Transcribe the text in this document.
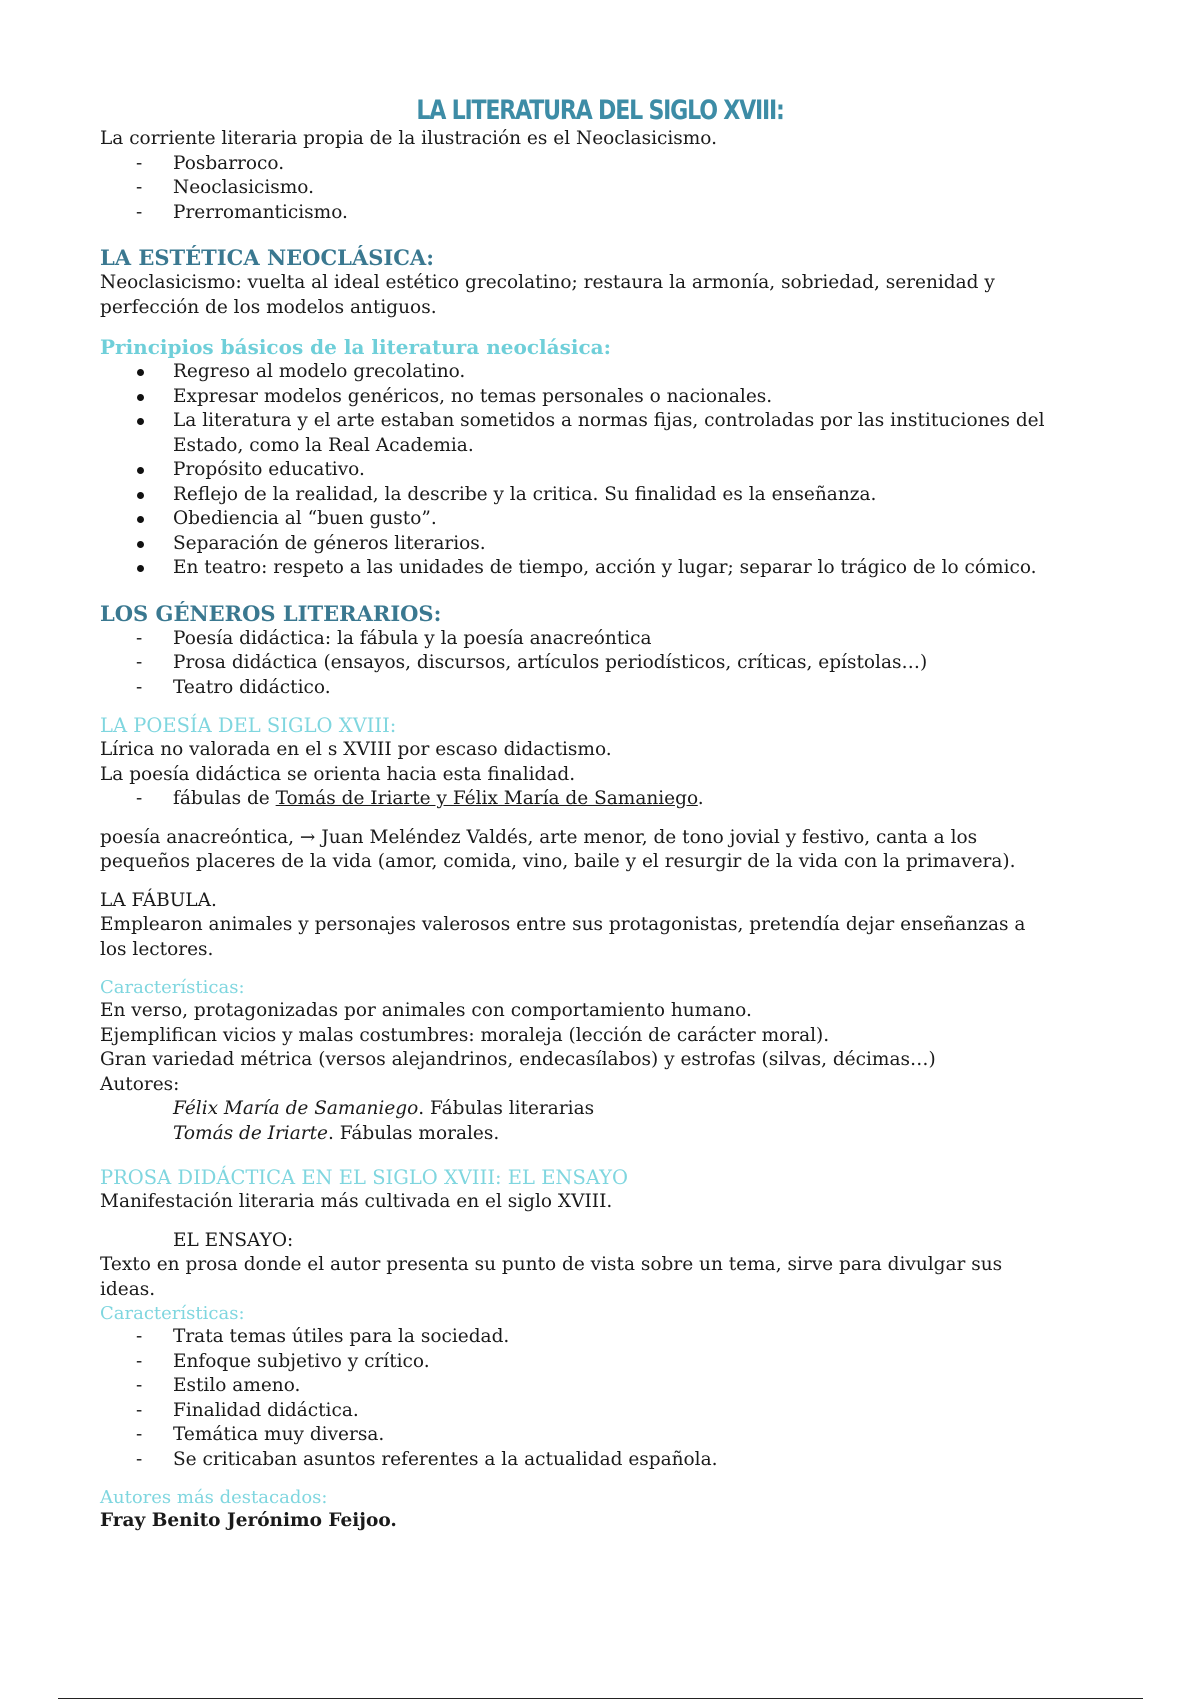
LA LITERATURA DEL SIGLO XVIII:

La corriente literaria propia de la ilustración es el Neoclasicismo.

- Posbarroco.
- Neoclasicismo.
- Prerromanticismo.

LA ESTÉTICA NEOCLÁSICA:

Neoclasicismo: vuelta al ideal estético grecolatino; restaura la armonía, sobriedad, serenidad y

perfección de los modelos antiguos.

Principios básicos de la literatura neoclásica:

Regreso al modelo grecolatino.
Expresar modelos genéricos, no temas personales o nacionales.
La literatura y el arte estaban sometidos a normas fijas, controladas por las instituciones del Estado, como la Real Academia.
Propósito educativo.
Reflejo de la realidad, la describe y la critica. Su finalidad es la enseñanza.
Obediencia al “buen gusto”.
Separación de géneros literarios.
En teatro: respeto a las unidades de tiempo, acción y lugar; separar lo trágico de lo cómico.

LOS GÉNEROS LITERARIOS:

- Poesía didáctica: la fábula y la poesía anacreóntica
- Prosa didáctica (ensayos, discursos, artículos periodísticos, críticas, epístolas…)
- Teatro didáctico.

LA POESÍA DEL SIGLO XVIII:

Lírica no valorada en el s XVIII por escaso didactismo.

La poesía didáctica se orienta hacia esta finalidad.

- fábulas de Tomás de Iriarte y Félix María de Samaniego.

poesía anacreóntica, → Juan Meléndez Valdés, arte menor, de tono jovial y festivo, canta a los

pequeños placeres de la vida (amor, comida, vino, baile y el resurgir de la vida con la primavera).

LA FÁBULA.

Emplearon animales y personajes valerosos entre sus protagonistas, pretendía dejar enseñanzas a

los lectores.

Características:

En verso, protagonizadas por animales con comportamiento humano.

Ejemplifican vicios y malas costumbres: moraleja (lección de carácter moral).

Gran variedad métrica (versos alejandrinos, endecasílabos) y estrofas (silvas, décimas…)

Autores:

Félix María de Samaniego. Fábulas literarias

Tomás de Iriarte. Fábulas morales.

PROSA DIDÁCTICA EN EL SIGLO XVIII: EL ENSAYO

Manifestación literaria más cultivada en el siglo XVIII.

EL ENSAYO:

Texto en prosa donde el autor presenta su punto de vista sobre un tema, sirve para divulgar sus

ideas.

Características:

- Trata temas útiles para la sociedad.
- Enfoque subjetivo y crítico.
- Estilo ameno.
- Finalidad didáctica.
- Temática muy diversa.
- Se criticaban asuntos referentes a la actualidad española.

Autores más destacados:

Fray Benito Jerónimo Feijoo.
